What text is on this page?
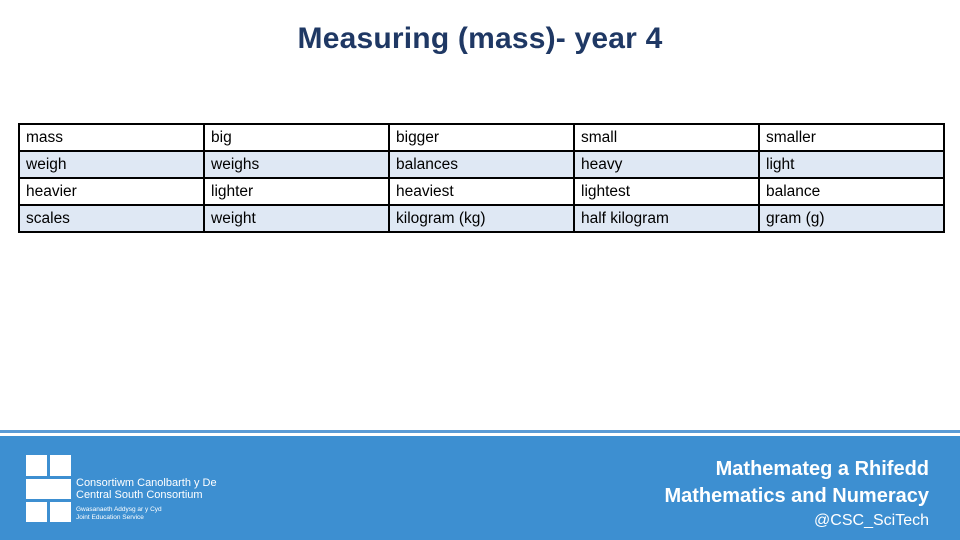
Measuring (mass)- year 4
mass	big	bigger	small	smaller
weigh	weighs	balances	heavy	light
heavier	lighter	heaviest	lightest	balance
scales	weight	kilogram (kg)	half kilogram	gram (g)
Consortiwm Canolbarth y De
Central South Consortium
Gwasanaeth Addysg ar y Cyd
Joint Education Service
Mathemateg a Rhifedd
Mathematics and Numeracy
@CSC_SciTech
